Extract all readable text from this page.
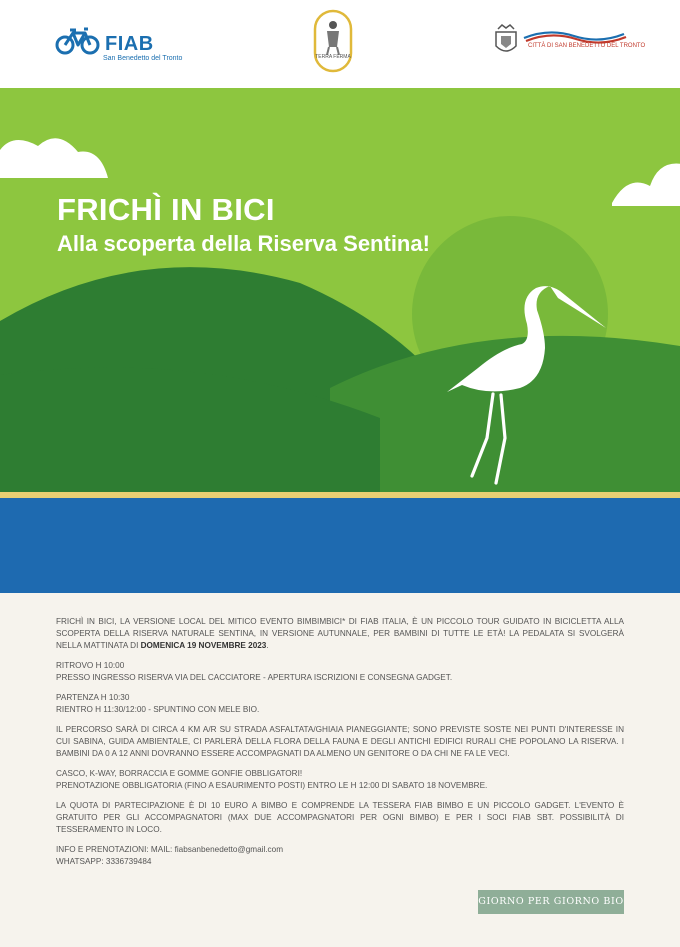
FIAB
San Benedetto del Tronto	TERRA FERMA
CITTÀ DI SAN BENEDETTO DEL TRONTO
FRICHÌ IN BICI
Alla scoperta della Riserva Sentina!

FRICHÌ IN BICI, LA VERSIONE LOCAL DEL MITICO EVENTO BIMBIMBICI* DI FIAB ITALIA, È UN PICCOLO TOUR GUIDATO IN BICICLETTA ALLA SCOPERTA DELLA RISERVA NATURALE SENTINA, IN VERSIONE AUTUNNALE, PER BAMBINI DI TUTTE LE ETÀ! LA PEDALATA SI SVOLGERÀ NELLA MATTINATA DI DOMENICA 19 NOVEMBRE 2023.

RITROVO H 10:00
PRESSO INGRESSO RISERVA VIA DEL CACCIATORE - APERTURA ISCRIZIONI E CONSEGNA GADGET.

PARTENZA H 10:30
RIENTRO H 11:30/12:00 - SPUNTINO CON MELE BIO.

IL PERCORSO SARÀ DI CIRCA 4 KM A/R SU STRADA ASFALTATA/GHIAIA PIANEGGIANTE; SONO PREVISTE SOSTE NEI PUNTI D'INTERESSE IN CUI SABINA, GUIDA AMBIENTALE, CI PARLERÀ DELLA FLORA DELLA FAUNA E DEGLI ANTICHI EDIFICI RURALI CHE POPOLANO LA RISERVA. I BAMBINI DA 0 A 12 ANNI DOVRANNO ESSERE ACCOMPAGNATI DA ALMENO UN GENITORE O DA CHI NE FA LE VECI.

CASCO, K-WAY, BORRACCIA E GOMME GONFIE OBBLIGATORI!
PRENOTAZIONE OBBLIGATORIA (FINO A ESAURIMENTO POSTI) ENTRO LE H 12:00 DI SABATO 18 NOVEMBRE.

LA QUOTA DI PARTECIPAZIONE È DI 10 EURO A BIMBO E COMPRENDE LA TESSERA FIAB BIMBO E UN PICCOLO GADGET. L'EVENTO È GRATUITO PER GLI ACCOMPAGNATORI (MAX DUE ACCOMPAGNATORI PER OGNI BIMBO) E PER I SOCI FIAB SBT. POSSIBILITÀ DI TESSERAMENTO IN LOCO.

INFO E PRENOTAZIONI: MAIL: fiabsanbenedetto@gmail.com
WHATSAPP: 3336739484

GIORNO PER GIORNO BIO
